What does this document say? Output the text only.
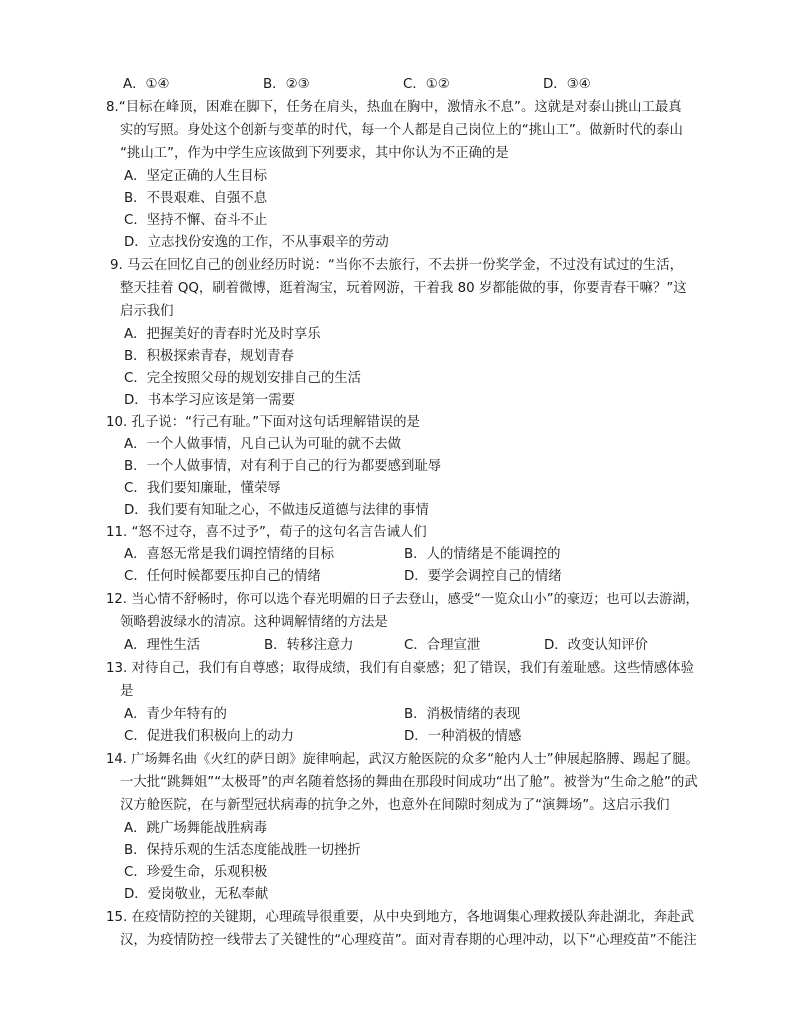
A．①④	B．②③	C．①②	D．③④
8.“目标在峰顶，困难在脚下，任务在肩头，热血在胸中，激情永不息”。这就是对泰山挑山工最真
实的写照。身处这个创新与变革的时代，每一个人都是自己岗位上的“挑山工”。做新时代的泰山
“挑山工”，作为中学生应该做到下列要求，其中你认为不正确的是
A．坚定正确的人生目标
B．不畏艰难、自强不息
C．坚持不懈、奋斗不止
D．立志找份安逸的工作，不从事艰辛的劳动
9. 马云在回忆自己的创业经历时说：“当你不去旅行，不去拼一份奖学金，不过没有试过的生活，
整天挂着 QQ，刷着微博，逛着淘宝，玩着网游，干着我 80 岁都能做的事，你要青春干嘛？”这
启示我们
A．把握美好的青春时光及时享乐
B．积极探索青春，规划青春
C．完全按照父母的规划安排自己的生活
D．书本学习应该是第一需要
10. 孔子说：“行己有耻。”下面对这句话理解错误的是
A．一个人做事情，凡自己认为可耻的就不去做
B．一个人做事情，对有利于自己的行为都要感到耻辱
C．我们要知廉耻，懂荣辱
D．我们要有知耻之心，不做违反道德与法律的事情
11. “怒不过夺，喜不过予”，荀子的这句名言告诫人们
A．喜怒无常是我们调控情绪的目标	B．人的情绪是不能调控的
C．任何时候都要压抑自己的情绪	D．要学会调控自己的情绪
12. 当心情不舒畅时，你可以选个春光明媚的日子去登山，感受“一览众山小”的豪迈；也可以去游湖，
领略碧波绿水的清凉。这种调解情绪的方法是
A．理性生活	B．转移注意力	C．合理宣泄	D．改变认知评价
13. 对待自己，我们有自尊感；取得成绩，我们有自豪感；犯了错误，我们有羞耻感。这些情感体验
是
A．青少年特有的	B．消极情绪的表现
C．促进我们积极向上的动力	D．一种消极的情感
14. 广场舞名曲《火红的萨日朗》旋律响起，武汉方舱医院的众多“舱内人士”伸展起胳膊、踢起了腿。
一大批“跳舞姐”“太极哥”的声名随着悠扬的舞曲在那段时间成功“出了舱”。被誉为“生命之舱”的武
汉方舱医院，在与新型冠状病毒的抗争之外，也意外在间隙时刻成为了“演舞场”。这启示我们
A．跳广场舞能战胜病毒
B．保持乐观的生活态度能战胜一切挫折
C．珍爱生命，乐观积极
D．爱岗敬业，无私奉献
15. 在疫情防控的关键期，心理疏导很重要，从中央到地方，各地调集心理救援队奔赴湖北，奔赴武
汉，为疫情防控一线带去了关键性的“心理疫苗”。面对青春期的心理冲动，以下“心理疫苗”不能注
